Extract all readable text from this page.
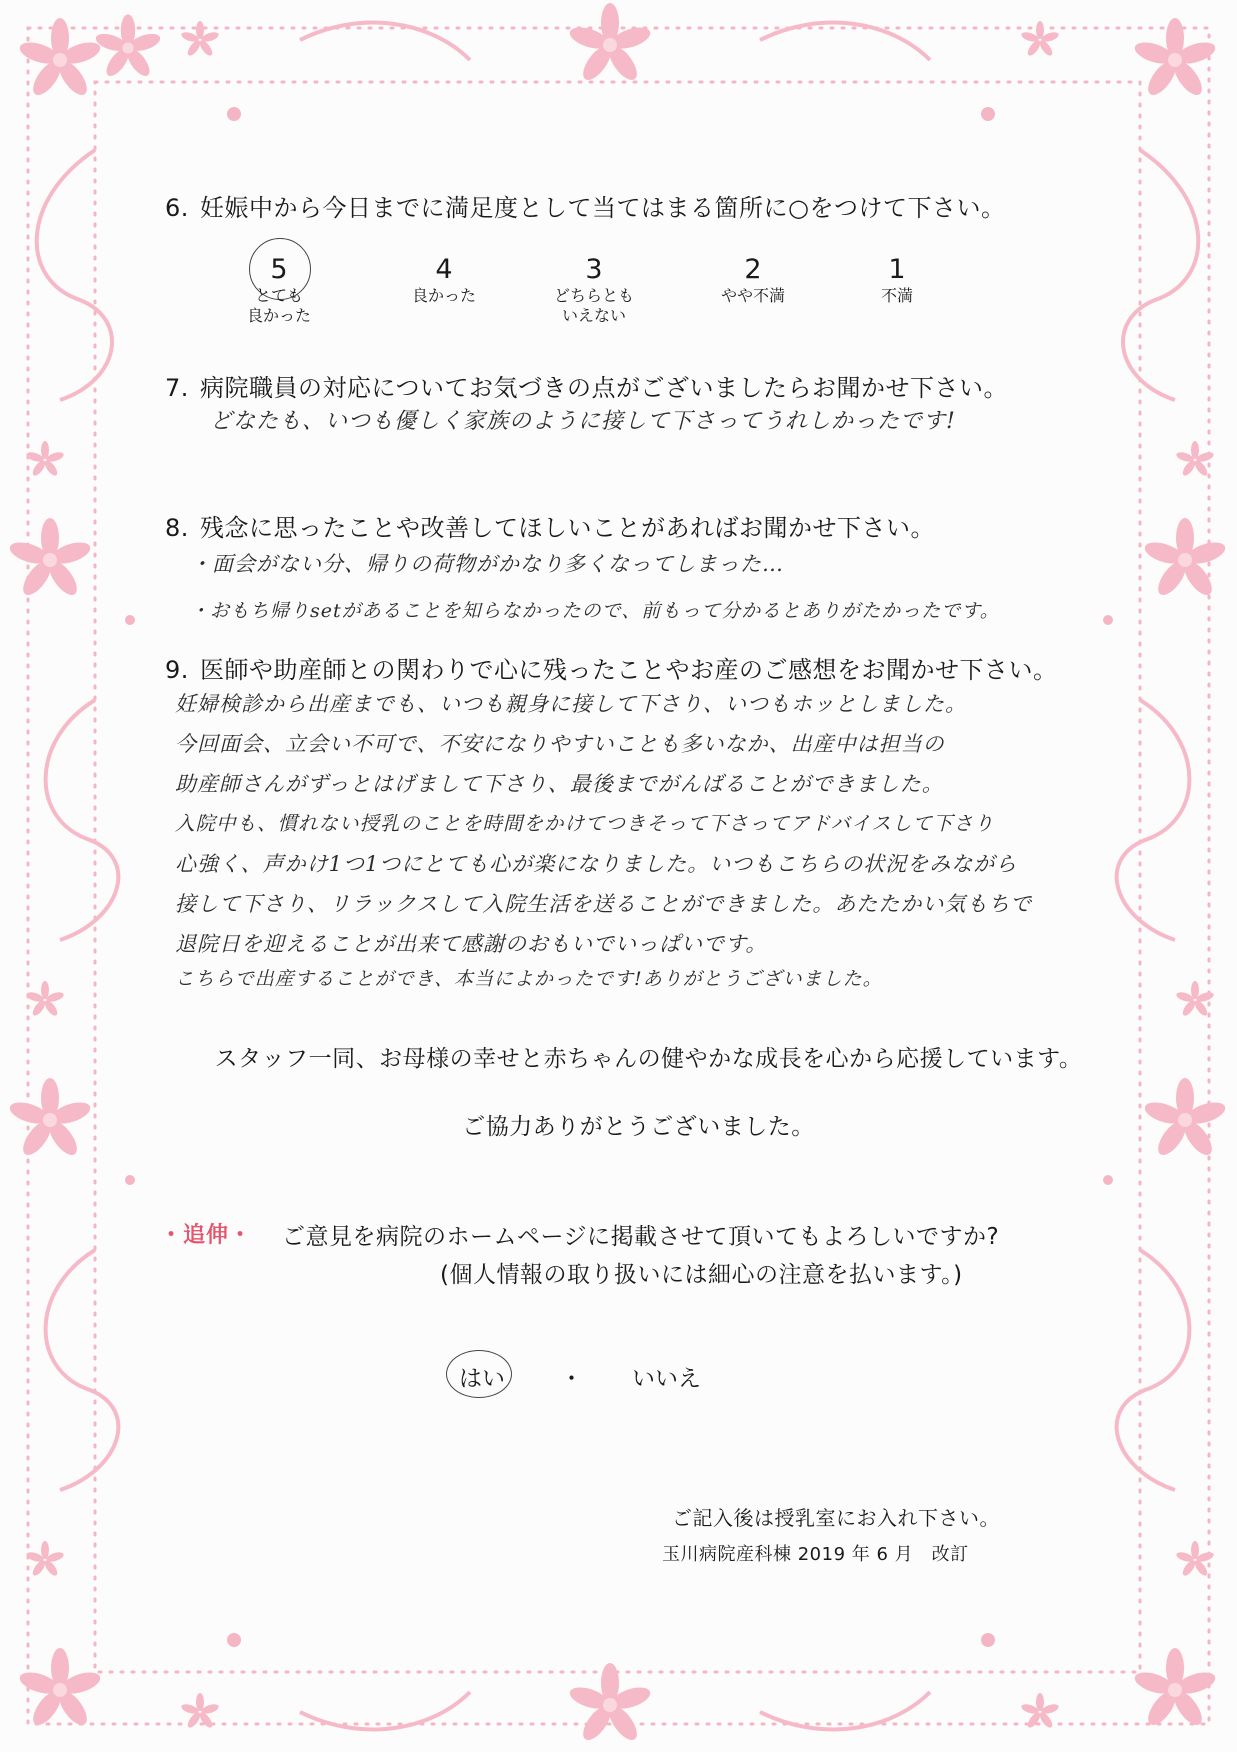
6. 妊娠中から今日までに満足度として当てはまる箇所に○をつけて下さい。
5
とても
良かった
4
良かった
3
どちらとも
いえない
2
やや不満
1
不満
7. 病院職員の対応についてお気づきの点がございましたらお聞かせ下さい。
どなたも、いつも優しく家族のように接して下さってうれしかったです!
8. 残念に思ったことや改善してほしいことがあればお聞かせ下さい。
・面会がない分、帰りの荷物がかなり多くなってしまった…
・おもち帰りsetがあることを知らなかったので、前もって分かるとありがたかったです。
9. 医師や助産師との関わりで心に残ったことやお産のご感想をお聞かせ下さい。
妊婦検診から出産までも、いつも親身に接して下さり、いつもホッとしました。
今回面会、立会い不可で、不安になりやすいことも多いなか、出産中は担当の
助産師さんがずっとはげまして下さり、最後までがんばることができました。
入院中も、慣れない授乳のことを時間をかけてつきそって下さってアドバイスして下さり
心強く、声かけ1つ1つにとても心が楽になりました。いつもこちらの状況をみながら
接して下さり、リラックスして入院生活を送ることができました。あたたかい気もちで
退院日を迎えることが出来て感謝のおもいでいっぱいです。
こちらで出産することができ、本当によかったです!ありがとうございました。
スタッフ一同、お母様の幸せと赤ちゃんの健やかな成長を心から応援しています。
ご協力ありがとうございました。
・追伸・ ご意見を病院のホームページに掲載させて頂いてもよろしいですか?
(個人情報の取り扱いには細心の注意を払います。)
はい ・ いいえ
ご記入後は授乳室にお入れ下さい。
玉川病院産科棟 2019 年 6 月　改訂
